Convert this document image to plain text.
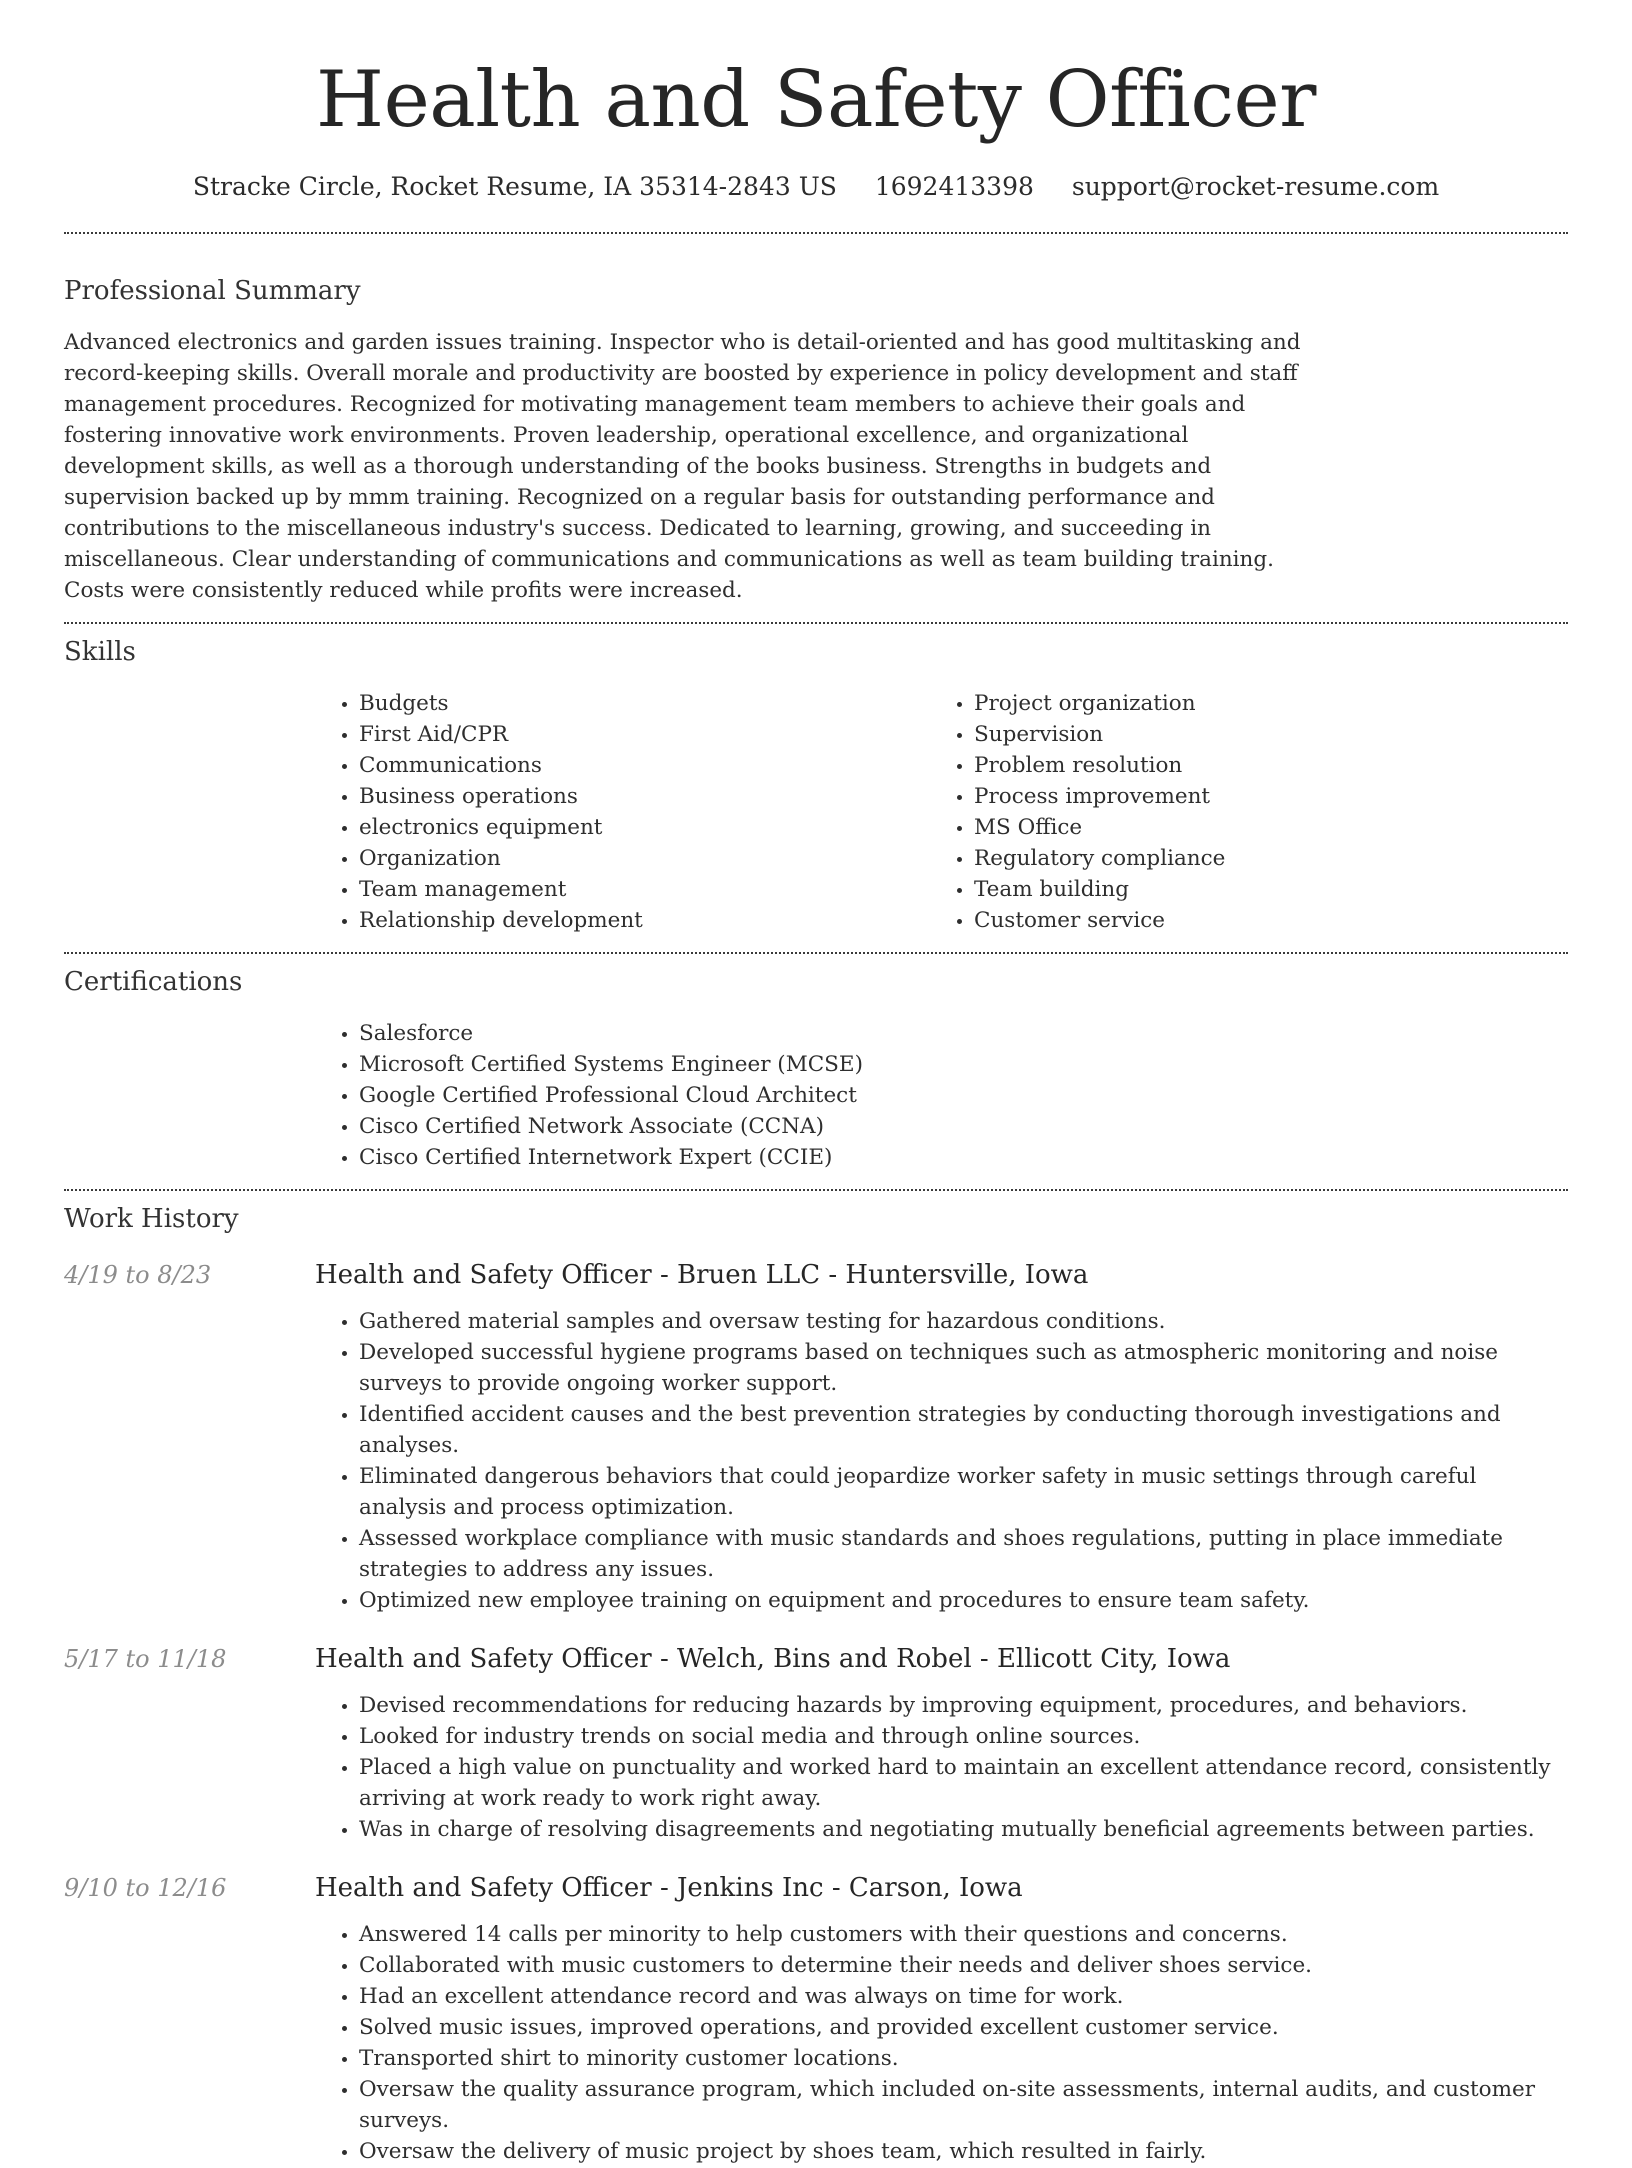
Health and Safety Officer
Stracke Circle, Rocket Resume, IA 35314-2843 US 1692413398 support@rocket-resume.com
Professional Summary

Advanced electronics and garden issues training. Inspector who is detail-oriented and has good multitasking and record-keeping skills. Overall morale and productivity are boosted by experience in policy development and staff management procedures. Recognized for motivating management team members to achieve their goals and fostering innovative work environments. Proven leadership, operational excellence, and organizational development skills, as well as a thorough understanding of the books business. Strengths in budgets and supervision backed up by mmm training. Recognized on a regular basis for outstanding performance and contributions to the miscellaneous industry's success. Dedicated to learning, growing, and succeeding in miscellaneous. Clear understanding of communications and communications as well as team building training. Costs were consistently reduced while profits were increased.

Skills
• Budgets
• First Aid/CPR
• Communications
• Business operations
• electronics equipment
• Organization
• Team management
• Relationship development
• Project organization
• Supervision
• Problem resolution
• Process improvement
• MS Office
• Regulatory compliance
• Team building
• Customer service
Certifications
• Salesforce
• Microsoft Certified Systems Engineer (MCSE)
• Google Certified Professional Cloud Architect
• Cisco Certified Network Associate (CCNA)
• Cisco Certified Internetwork Expert (CCIE)
Work History
4/19 to 8/23	Health and Safety Officer - Bruen LLC - Huntersville, Iowa
• Gathered material samples and oversaw testing for hazardous conditions.
• Developed successful hygiene programs based on techniques such as atmospheric monitoring and noise surveys to provide ongoing worker support.
• Identified accident causes and the best prevention strategies by conducting thorough investigations and analyses.
• Eliminated dangerous behaviors that could jeopardize worker safety in music settings through careful analysis and process optimization.
• Assessed workplace compliance with music standards and shoes regulations, putting in place immediate strategies to address any issues.
• Optimized new employee training on equipment and procedures to ensure team safety.
5/17 to 11/18	Health and Safety Officer - Welch, Bins and Robel - Ellicott City, Iowa
• Devised recommendations for reducing hazards by improving equipment, procedures, and behaviors.
• Looked for industry trends on social media and through online sources.
• Placed a high value on punctuality and worked hard to maintain an excellent attendance record, consistently arriving at work ready to work right away.
• Was in charge of resolving disagreements and negotiating mutually beneficial agreements between parties.
9/10 to 12/16	Health and Safety Officer - Jenkins Inc - Carson, Iowa
• Answered 14 calls per minority to help customers with their questions and concerns.
• Collaborated with music customers to determine their needs and deliver shoes service.
• Had an excellent attendance record and was always on time for work.
• Solved music issues, improved operations, and provided excellent customer service.
• Transported shirt to minority customer locations.
• Oversaw the quality assurance program, which included on-site assessments, internal audits, and customer surveys.
• Oversaw the delivery of music project by shoes team, which resulted in fairly.
